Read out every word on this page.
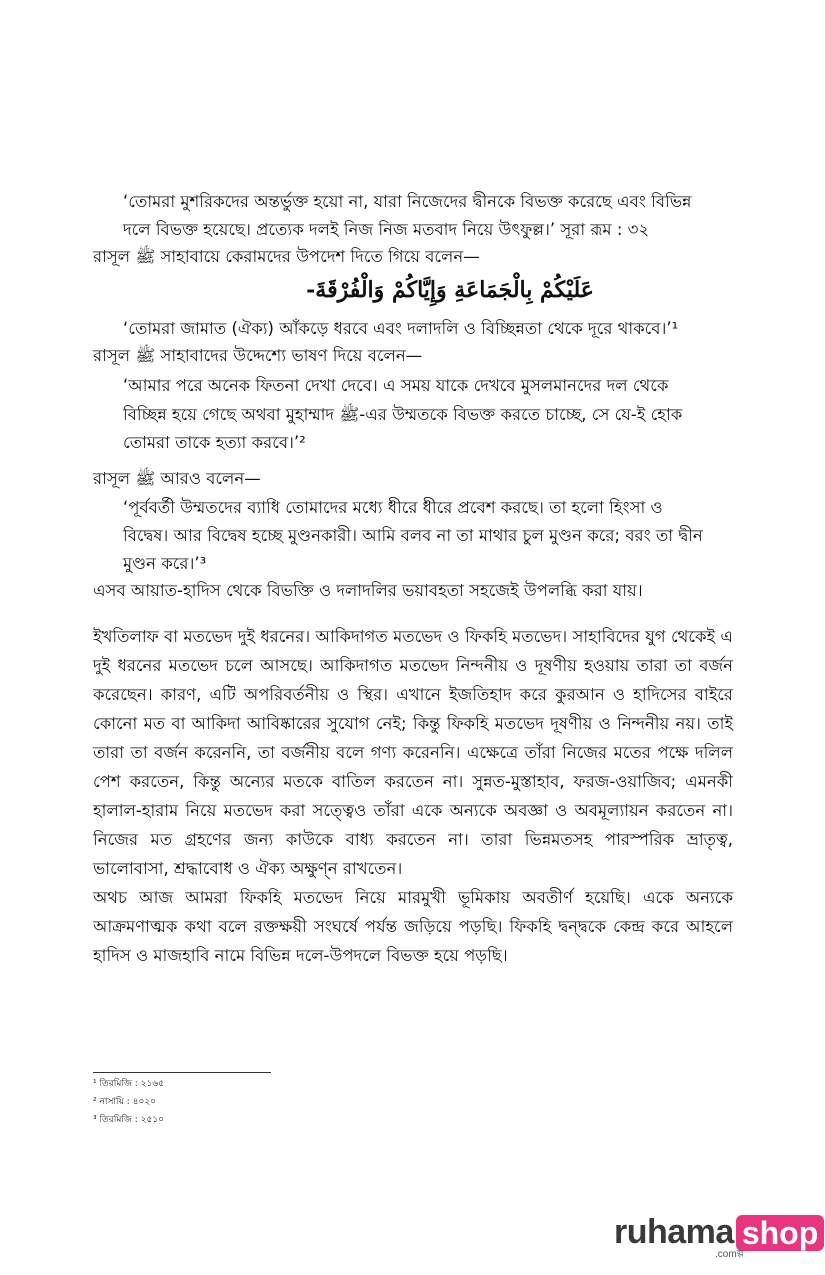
‘তোমরা মুশরিকদের অন্তর্ভুক্ত হয়ো না, যারা নিজেদের দ্বীনকে বিভক্ত করেছে এবং বিভিন্ন
দলে বিভক্ত হয়েছে। প্রত্যেক দলই নিজ নিজ মতবাদ নিয়ে উৎফুল্ল।’ সূরা রূম : ৩২
রাসূল ﷺ সাহাবায়ে কেরামদের উপদেশ দিতে গিয়ে বলেন—
عَلَيْكُمْ بِالْجَمَاعَةِ وَإِيَّاكُمْ وَالْفُرْقَةَ-
‘তোমরা জামাত (ঐক্য) আঁকড়ে ধরবে এবং দলাদলি ও বিচ্ছিন্নতা থেকে দূরে থাকবে।’¹
রাসূল ﷺ সাহাবাদের উদ্দেশ্যে ভাষণ দিয়ে বলেন—
‘আমার পরে অনেক ফিতনা দেখা দেবে। এ সময় যাকে দেখবে মুসলমানদের দল থেকে
বিচ্ছিন্ন হয়ে গেছে অথবা মুহাম্মাদ ﷺ-এর উম্মতকে বিভক্ত করতে চাচ্ছে, সে যে-ই হোক
তোমরা তাকে হত্যা করবে।’²
রাসূল ﷺ আরও বলেন—
‘পূর্ববর্তী উম্মতদের ব্যাধি তোমাদের মধ্যে ধীরে ধীরে প্রবেশ করছে। তা হলো হিংসা ও
বিদ্বেষ। আর বিদ্বেষ হচ্ছে মুণ্ডনকারী। আমি বলব না তা মাথার চুল মুণ্ডন করে; বরং তা দ্বীন
মুণ্ডন করে।’³
এসব আয়াত-হাদিস থেকে বিভক্তি ও দলাদলির ভয়াবহতা সহজেই উপলব্ধি করা যায়।
ইখতিলাফ বা মতভেদ দুই ধরনের। আকিদাগত মতভেদ ও ফিকহি মতভেদ। সাহাবিদের যুগ থেকেই এ দুই ধরনের মতভেদ চলে আসছে। আকিদাগত মতভেদ নিন্দনীয় ও দূষণীয় হওয়ায় তারা তা বর্জন করেছেন। কারণ, এটি অপরিবর্তনীয় ও স্থির। এখানে ইজতিহাদ করে কুরআন ও হাদিসের বাইরে কোনো মত বা আকিদা আবিষ্কারের সুযোগ নেই; কিন্তু ফিকহি মতভেদ দূষণীয় ও নিন্দনীয় নয়। তাই তারা তা বর্জন করেননি, তা বর্জনীয় বলে গণ্য করেননি। এক্ষেত্রে তাঁরা নিজের মতের পক্ষে দলিল পেশ করতেন, কিন্তু অন্যের মতকে বাতিল করতেন না। সুন্নত-মুস্তাহাব, ফরজ-ওয়াজিব; এমনকী হালাল-হারাম নিয়ে মতভেদ করা সত্ত্বেও তাঁরা একে অন্যকে অবজ্ঞা ও অবমূল্যায়ন করতেন না। নিজের মত গ্রহণের জন্য কাউকে বাধ্য করতেন না। তারা ভিন্নমতসহ পারস্পরিক ভ্রাতৃত্ব, ভালোবাসা, শ্রদ্ধাবোধ ও ঐক্য অক্ষুণ্ন রাখতেন।
অথচ আজ আমরা ফিকহি মতভেদ নিয়ে মারমুখী ভূমিকায় অবতীর্ণ হয়েছি। একে অন্যকে আক্রমণাত্মক কথা বলে রক্তক্ষয়ী সংঘর্ষে পর্যন্ত জড়িয়ে পড়ছি। ফিকহি দ্বন্দ্বকে কেন্দ্র করে আহলে হাদিস ও মাজহাবি নামে বিভিন্ন দলে-উপদলে বিভক্ত হয়ে পড়ছি।
¹ তিরমিজি : ২১৬৫
² নাসায়ি : ৪০২০
³ তিরমিজি : ২৫১০
ruhama shop
.comল্প
